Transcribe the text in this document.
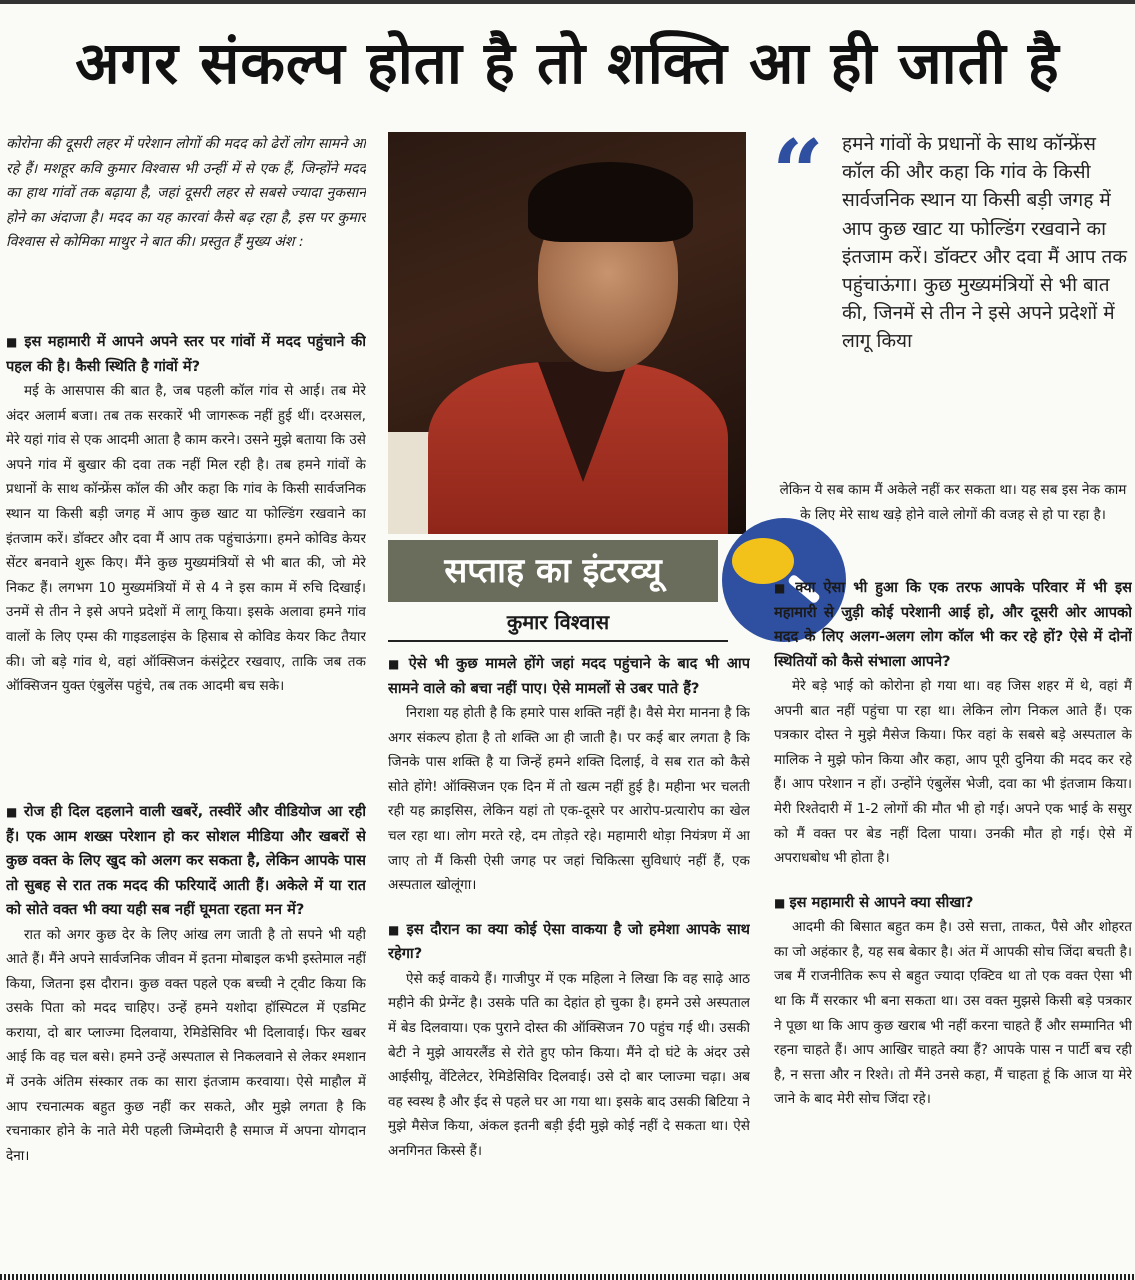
अगर संकल्प होता है तो शक्ति आ ही जाती है

कोरोना की दूसरी लहर में परेशान लोगों की मदद को ढेरों लोग सामने आ रहे हैं। मशहूर कवि कुमार विश्वास भी उन्हीं में से एक हैं, जिन्होंने मदद का हाथ गांवों तक बढ़ाया है, जहां दूसरी लहर से सबसे ज्यादा नुकसान होने का अंदाजा है। मदद का यह कारवां कैसे बढ़ रहा है, इस पर कुमार विश्वास से कोमिका माथुर ने बात की। प्रस्तुत हैं मुख्य अंश :

■ इस महामारी में आपने अपने स्तर पर गांवों में मदद पहुंचाने की पहल की है। कैसी स्थिति है गांवों में?

मई के आसपास की बात है, जब पहली कॉल गांव से आई। तब मेरे अंदर अलार्म बजा। तब तक सरकारें भी जागरूक नहीं हुई थीं। दरअसल, मेरे यहां गांव से एक आदमी आता है काम करने। उसने मुझे बताया कि उसे अपने गांव में बुखार की दवा तक नहीं मिल रही है। तब हमने गांवों के प्रधानों के साथ कॉन्फ्रेंस कॉल की और कहा कि गांव के किसी सार्वजनिक स्थान या किसी बड़ी जगह में आप कुछ खाट या फोल्डिंग रखवाने का इंतजाम करें। डॉक्टर और दवा मैं आप तक पहुंचाऊंगा। हमने कोविड केयर सेंटर बनवाने शुरू किए। मैंने कुछ मुख्यमंत्रियों से भी बात की, जो मेरे निकट हैं। लगभग 10 मुख्यमंत्रियों में से 4 ने इस काम में रुचि दिखाई। उनमें से तीन ने इसे अपने प्रदेशों में लागू किया। इसके अलावा हमने गांव वालों के लिए एम्स की गाइडलाइंस के हिसाब से कोविड केयर किट तैयार की। जो बड़े गांव थे, वहां ऑक्सिजन कंसंट्रेटर रखवाए, ताकि जब तक ऑक्सिजन युक्त एंबुलेंस पहुंचे, तब तक आदमी बच सके।

■ रोज ही दिल दहलाने वाली खबरें, तस्वीरें और वीडियोज आ रही हैं। एक आम शख्स परेशान हो कर सोशल मीडिया और खबरों से कुछ वक्त के लिए खुद को अलग कर सकता है, लेकिन आपके पास तो सुबह से रात तक मदद की फरियादें आती हैं। अकेले में या रात को सोते वक्त भी क्या यही सब नहीं घूमता रहता मन में?

रात को अगर कुछ देर के लिए आंख लग जाती है तो सपने भी यही आते हैं। मैंने अपने सार्वजनिक जीवन में इतना मोबाइल कभी इस्तेमाल नहीं किया, जितना इस दौरान। कुछ वक्त पहले एक बच्ची ने ट्वीट किया कि उसके पिता को मदद चाहिए। उन्हें हमने यशोदा हॉस्पिटल में एडमिट कराया, दो बार प्लाज्मा दिलवाया, रेमिडेसिविर भी दिलावाई। फिर खबर आई कि वह चल बसे। हमने उन्हें अस्पताल से निकलवाने से लेकर श्मशान में उनके अंतिम संस्कार तक का सारा इंतजाम करवाया। ऐसे माहौल में आप रचनात्मक बहुत कुछ नहीं कर सकते, और मुझे लगता है कि रचनाकार होने के नाते मेरी पहली जिम्मेदारी है समाज में अपना योगदान देना।

सप्ताह का इंटरव्यू
कुमार विश्वास

■ ऐसे भी कुछ मामले होंगे जहां मदद पहुंचाने के बाद भी आप सामने वाले को बचा नहीं पाए। ऐसे मामलों से उबर पाते हैं?

निराशा यह होती है कि हमारे पास शक्ति नहीं है। वैसे मेरा मानना है कि अगर संकल्प होता है तो शक्ति आ ही जाती है। पर कई बार लगता है कि जिनके पास शक्ति है या जिन्हें हमने शक्ति दिलाई, वे सब रात को कैसे सोते होंगे! ऑक्सिजन एक दिन में तो खत्म नहीं हुई है। महीना भर चलती रही यह क्राइसिस, लेकिन यहां तो एक-दूसरे पर आरोप-प्रत्यारोप का खेल चल रहा था। लोग मरते रहे, दम तोड़ते रहे। महामारी थोड़ा नियंत्रण में आ जाए तो मैं किसी ऐसी जगह पर जहां चिकित्सा सुविधाएं नहीं हैं, एक अस्पताल खोलूंगा।

■ इस दौरान का क्या कोई ऐसा वाकया है जो हमेशा आपके साथ रहेगा?

ऐसे कई वाकये हैं। गाजीपुर में एक महिला ने लिखा कि वह साढ़े आठ महीने की प्रेग्नेंट है। उसके पति का देहांत हो चुका है। हमने उसे अस्पताल में बेड दिलवाया। एक पुराने दोस्त की ऑक्सिजन 70 पहुंच गई थी। उसकी बेटी ने मुझे आयरलैंड से रोते हुए फोन किया। मैंने दो घंटे के अंदर उसे आईसीयू, वेंटिलेटर, रेमिडेसिविर दिलवाई। उसे दो बार प्लाज्मा चढ़ा। अब वह स्वस्थ है और ईद से पहले घर आ गया था। इसके बाद उसकी बिटिया ने मुझे मैसेज किया, अंकल इतनी बड़ी ईदी मुझे कोई नहीं दे सकता था। ऐसे अनगिनत किस्से हैं।

“ हमने गांवों के प्रधानों के साथ कॉन्फ्रेंस कॉल की और कहा कि गांव के किसी सार्वजनिक स्थान या किसी बड़ी जगह में आप कुछ खाट या फोल्डिंग रखवाने का इंतजाम करें। डॉक्टर और दवा मैं आप तक पहुंचाऊंगा। कुछ मुख्यमंत्रियों से भी बात की, जिनमें से तीन ने इसे अपने प्रदेशों में लागू किया

लेकिन ये सब काम मैं अकेले नहीं कर सकता था। यह सब इस नेक काम के लिए मेरे साथ खड़े होने वाले लोगों की वजह से हो पा रहा है।

■ क्या ऐसा भी हुआ कि एक तरफ आपके परिवार में भी इस महामारी से जुड़ी कोई परेशानी आई हो, और दूसरी ओर आपको मदद के लिए अलग-अलग लोग कॉल भी कर रहे हों? ऐसे में दोनों स्थितियों को कैसे संभाला आपने?

मेरे बड़े भाई को कोरोना हो गया था। वह जिस शहर में थे, वहां मैं अपनी बात नहीं पहुंचा पा रहा था। लेकिन लोग निकल आते हैं। एक पत्रकार दोस्त ने मुझे मैसेज किया। फिर वहां के सबसे बड़े अस्पताल के मालिक ने मुझे फोन किया और कहा, आप पूरी दुनिया की मदद कर रहे हैं। आप परेशान न हों। उन्होंने एंबुलेंस भेजी, दवा का भी इंतजाम किया। मेरी रिश्तेदारी में 1-2 लोगों की मौत भी हो गई। अपने एक भाई के ससुर को मैं वक्त पर बेड नहीं दिला पाया। उनकी मौत हो गई। ऐसे में अपराधबोध भी होता है।

■ इस महामारी से आपने क्या सीखा?

आदमी की बिसात बहुत कम है। उसे सत्ता, ताकत, पैसे और शोहरत का जो अहंकार है, यह सब बेकार है। अंत में आपकी सोच जिंदा बचती है। जब मैं राजनीतिक रूप से बहुत ज्यादा एक्टिव था तो एक वक्त ऐसा भी था कि मैं सरकार भी बना सकता था। उस वक्त मुझसे किसी बड़े पत्रकार ने पूछा था कि आप कुछ खराब भी नहीं करना चाहते हैं और सम्मानित भी रहना चाहते हैं। आप आखिर चाहते क्या हैं? आपके पास न पार्टी बच रही है, न सत्ता और न रिश्ते। तो मैंने उनसे कहा, मैं चाहता हूं कि आज या मेरे जाने के बाद मेरी सोच जिंदा रहे।
